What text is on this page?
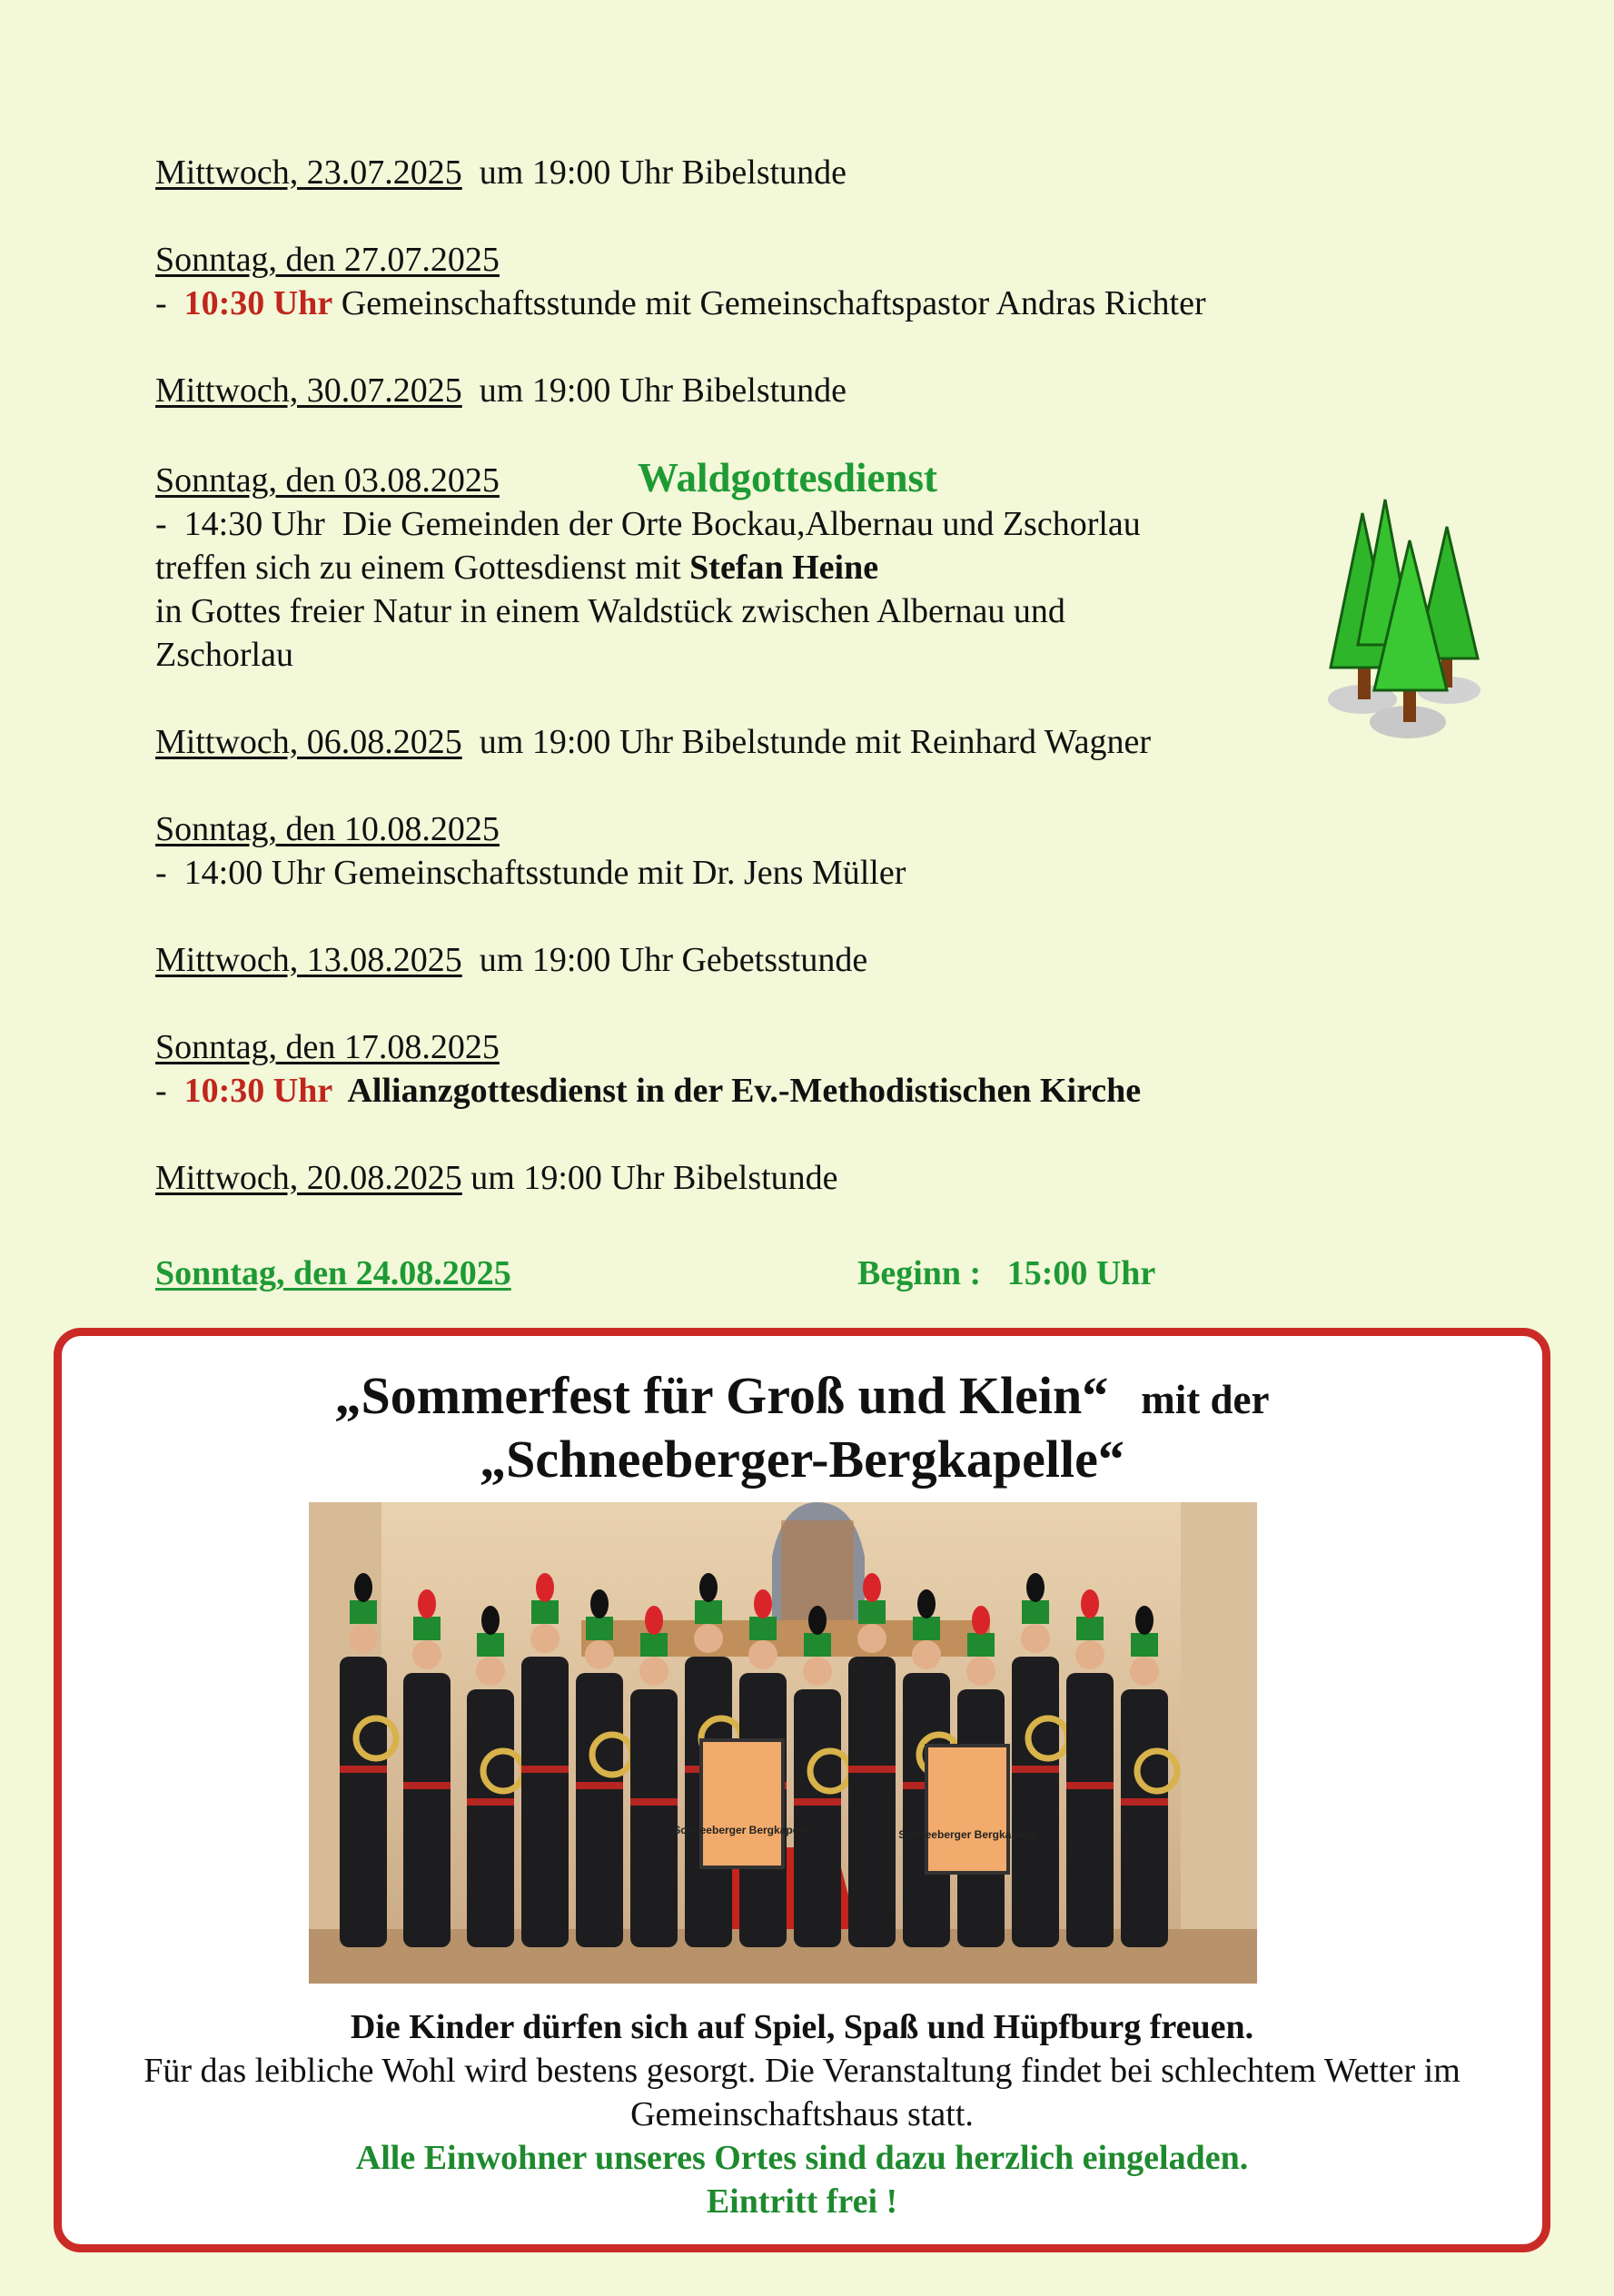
Mittwoch, 23.07.2025  um 19:00 Uhr Bibelstunde
Sonntag, den 27.07.2025
-  10:30 Uhr Gemeinschaftsstunde mit Gemeinschaftspastor Andras Richter
Mittwoch, 30.07.2025  um 19:00 Uhr Bibelstunde
Sonntag, den 03.08.2025	Waldgottesdienst
-  14:30 Uhr  Die Gemeinden der Orte Bockau,Albernau und Zschorlau
treffen sich zu einem Gottesdienst mit Stefan Heine
in Gottes freier Natur in einem Waldstück zwischen Albernau und
Zschorlau
Mittwoch, 06.08.2025  um 19:00 Uhr Bibelstunde mit Reinhard Wagner
Sonntag, den 10.08.2025
-  14:00 Uhr Gemeinschaftsstunde mit Dr. Jens Müller
Mittwoch, 13.08.2025  um 19:00 Uhr Gebetsstunde
Sonntag, den 17.08.2025
-  10:30 Uhr  Allianzgottesdienst in der Ev.-Methodistischen Kirche
Mittwoch, 20.08.2025 um 19:00 Uhr Bibelstunde
Sonntag, den 24.08.2025	Beginn :   15:00 Uhr
„Sommerfest für Groß und Klein“ mit der
„Schneeberger-Bergkapelle“
Schneeberger Bergkapelle	Schneeberger Bergkapelle
Die Kinder dürfen sich auf Spiel, Spaß und Hüpfburg freuen.
Für das leibliche Wohl wird bestens gesorgt. Die Veranstaltung findet bei schlechtem Wetter im Gemeinschaftshaus statt.
Alle Einwohner unseres Ortes sind dazu herzlich eingeladen.
Eintritt frei !
